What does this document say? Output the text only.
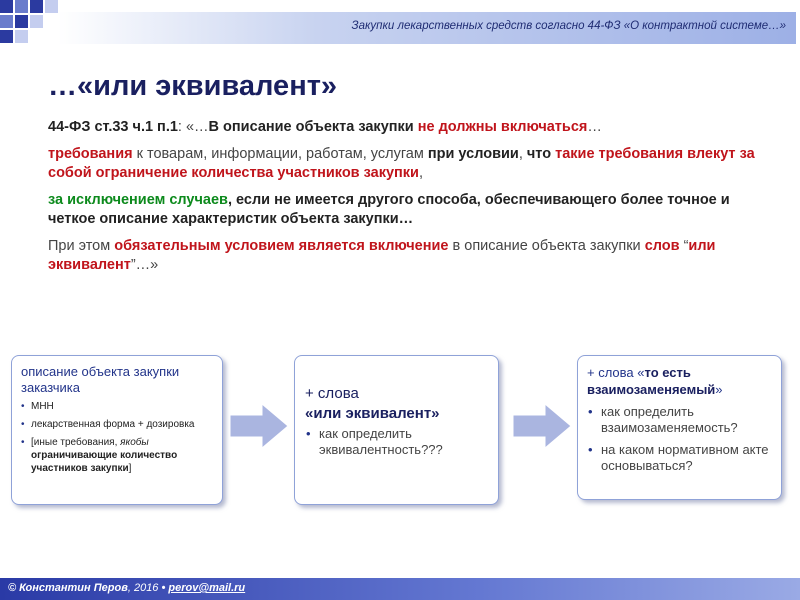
Закупки лекарственных средств согласно 44-ФЗ «О контрактной системе…»
…«или эквивалент»
44-ФЗ ст.33 ч.1 п.1: «…В описание объекта закупки не должны включаться…
требования к товарам, информации, работам, услугам при условии, что такие требования влекут за собой ограничение количества участников закупки,
за исключением случаев, если не имеется другого способа, обеспечивающего более точное и четкое описание характеристик объекта закупки…
При этом обязательным условием является включение в описание объекта закупки слов “или эквивалент”…»
описание объекта закупки заказчика
• МНН
• лекарственная форма + дозировка
• [иные требования, якобы ограничивающие количество участников закупки]
+ слова
«или эквивалент»
• как определить эквивалентность???
+ слова «то есть взаимозаменяемый»
• как определить взаимозаменяемость?
• на каком нормативном акте основываться?
© Константин Перов, 2016 • perov@mail.ru
